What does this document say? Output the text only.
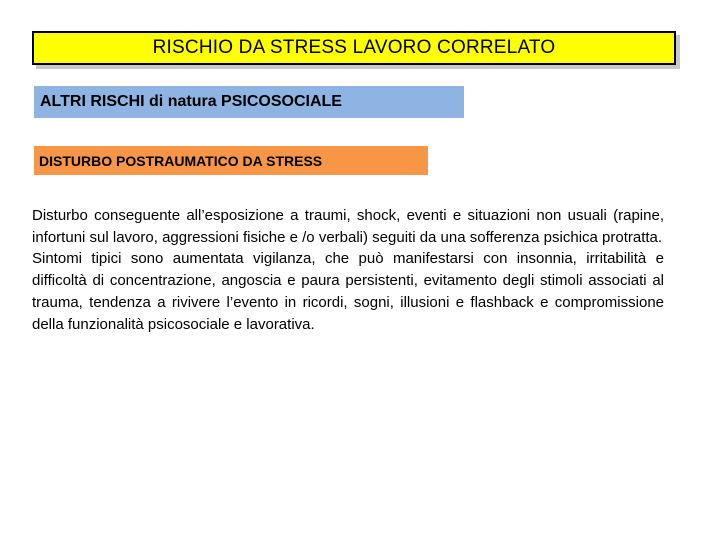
RISCHIO DA STRESS LAVORO CORRELATO
ALTRI RISCHI di natura PSICOSOCIALE
DISTURBO POSTRAUMATICO DA STRESS

Disturbo conseguente all’esposizione a traumi, shock, eventi e situazioni non usuali (rapine, infortuni sul lavoro, aggressioni fisiche e /o verbali) seguiti da una sofferenza psichica protratta.

Sintomi tipici sono aumentata vigilanza, che può manifestarsi con insonnia, irritabilità e difficoltà di concentrazione, angoscia e paura persistenti, evitamento degli stimoli associati al trauma, tendenza a rivivere l’evento in ricordi, sogni, illusioni e flashback e compromissione della funzionalità psicosociale e lavorativa.
